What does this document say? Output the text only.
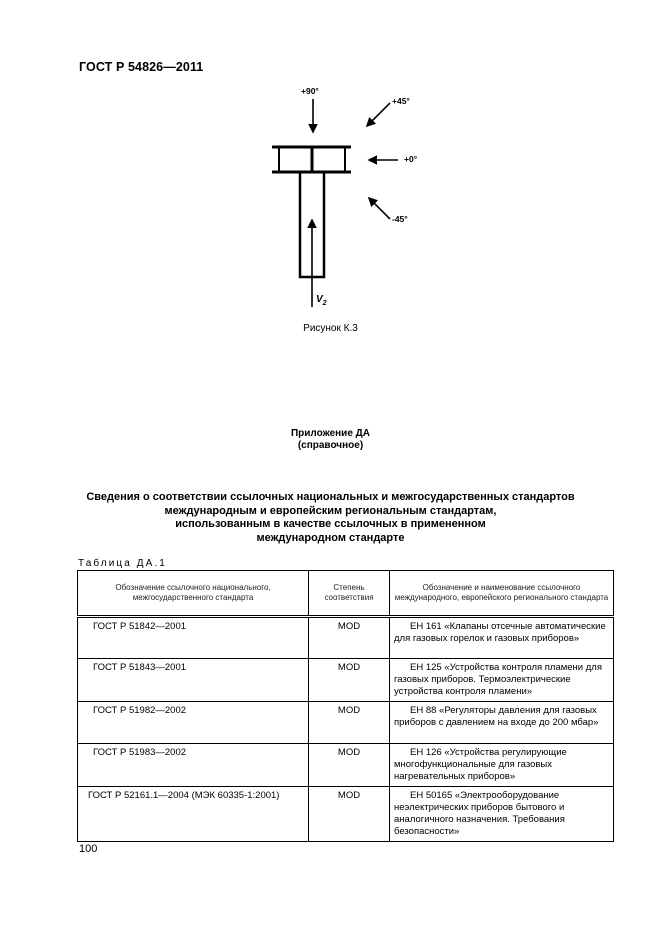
ГОСТ Р 54826—2011
+90°
+45°
+0°
-45°
$V_2$
Рисунок К.3
Приложение ДА
(справочное)
Сведения о соответствии ссылочных национальных и межгосударственных стандартов
международным и европейским региональным стандартам,
использованным в качестве ссылочных в примененном
международном стандарте
Таблица ДА.1
Обозначение ссылочного национального, межгосударственного стандарта	Степень соответствия	Обозначение и наименование ссылочного международного, европейского регионального стандарта
ГОСТ Р 51842—2001	MOD	ЕН 161 «Клапаны отсечные автоматические для газовых горелок и газовых приборов»
ГОСТ Р 51843—2001	MOD	ЕН 125 «Устройства контроля пламени для газовых приборов. Термоэлектрические устройства контроля пламени»
ГОСТ Р 51982—2002	MOD	ЕН 88 «Регуляторы давления для газовых приборов с давлением на входе до 200 мбар»
ГОСТ Р 51983—2002	MOD	ЕН 126 «Устройства регулирующие многофункциональные для газовых нагревательных приборов»
ГОСТ Р 52161.1—2004 (МЭК 60335-1:2001)	MOD	ЕН 50165 «Электрооборудование неэлектрических приборов бытового и аналогичного назначения. Требования безопасности»
100
